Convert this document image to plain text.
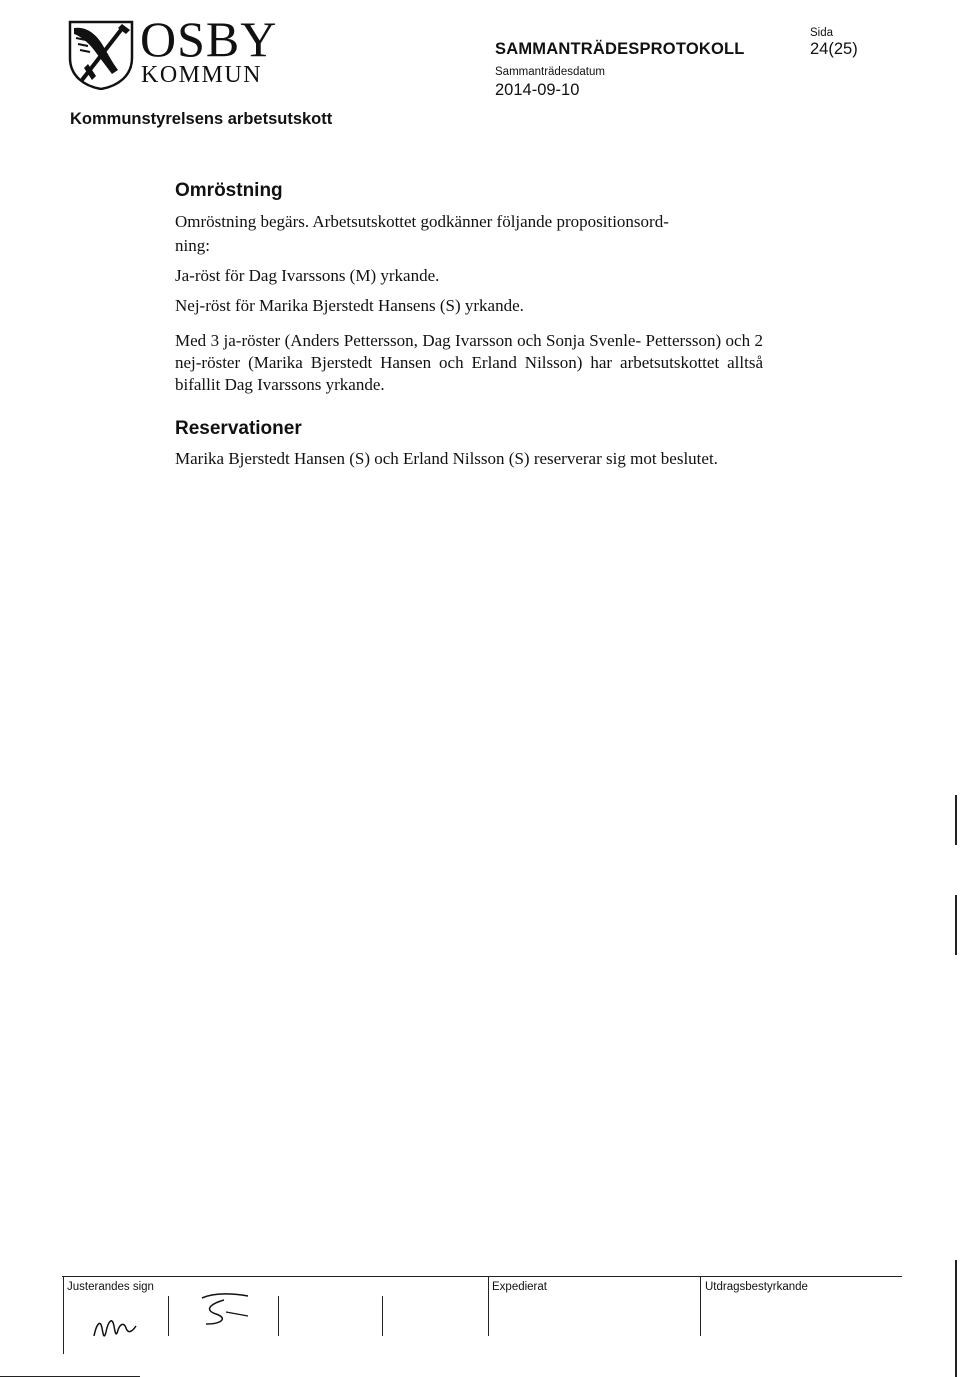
OSBY
KOMMUN
SAMMANTRÄDESPROTOKOLL
Sammanträdesdatum
2014-09-10
Sida
24(25)
Kommunstyrelsens arbetsutskott
Omröstning
Omröstning begärs. Arbetsutskottet godkänner följande propositionsord-
ning:
Ja-röst för Dag Ivarssons (M) yrkande.
Nej-röst för Marika Bjerstedt Hansens (S) yrkande.
Med 3 ja-röster (Anders Pettersson, Dag Ivarsson och Sonja Svenle- Pettersson) och 2 nej-röster (Marika Bjerstedt Hansen och Erland Nilsson) har arbetsutskottet alltså bifallit Dag Ivarssons yrkande.
Reservationer
Marika Bjerstedt Hansen (S) och Erland Nilsson (S) reserverar sig mot beslutet.
Justerandes sign	Expedierat	Utdragsbestyrkande
